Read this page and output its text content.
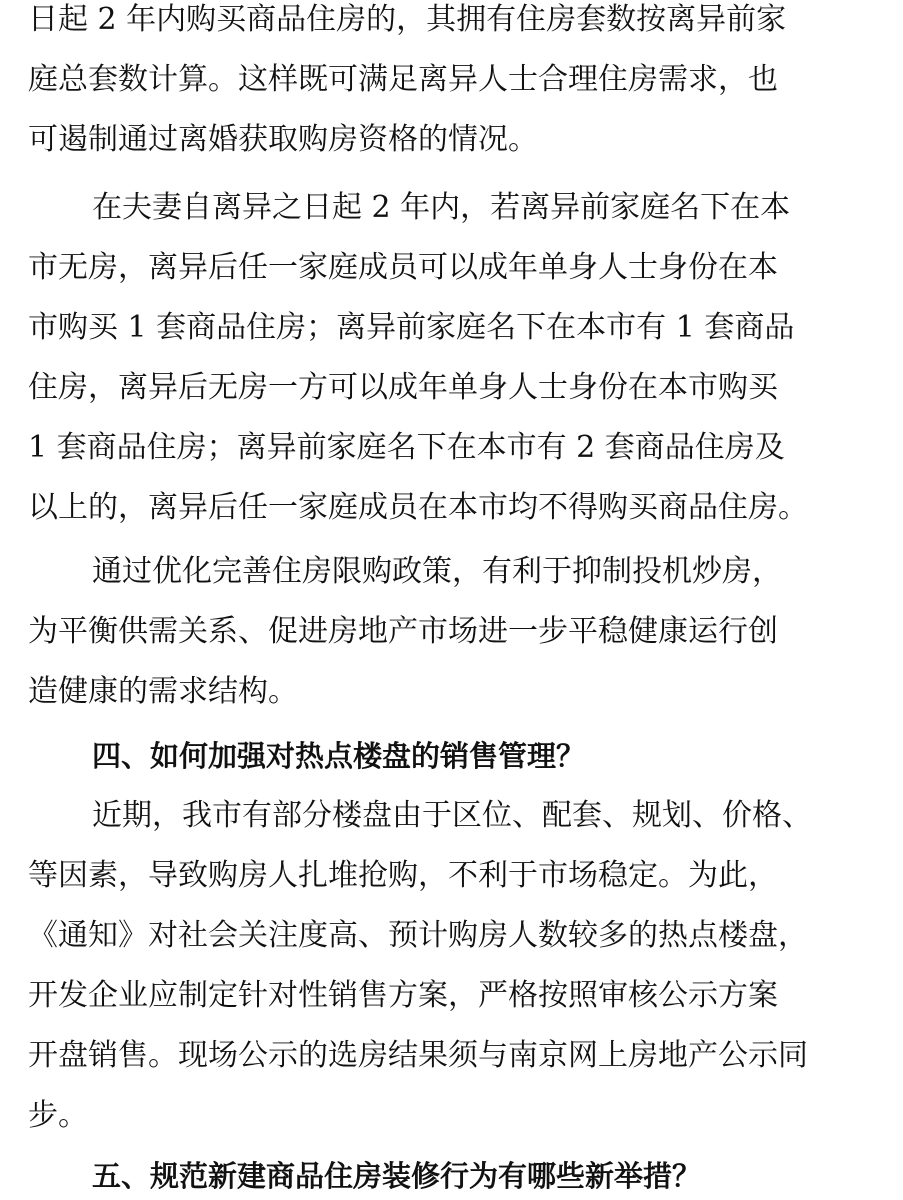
日起 2 年内购买商品住房的，其拥有住房套数按离异前家
庭总套数计算。这样既可满足离异人士合理住房需求，也
可遏制通过离婚获取购房资格的情况。
在夫妻自离异之日起 2 年内，若离异前家庭名下在本
市无房，离异后任一家庭成员可以成年单身人士身份在本
市购买 1 套商品住房；离异前家庭名下在本市有 1 套商品
住房，离异后无房一方可以成年单身人士身份在本市购买
1 套商品住房；离异前家庭名下在本市有 2 套商品住房及
以上的，离异后任一家庭成员在本市均不得购买商品住房。
通过优化完善住房限购政策，有利于抑制投机炒房，
为平衡供需关系、促进房地产市场进一步平稳健康运行创
造健康的需求结构。
四、如何加强对热点楼盘的销售管理？
近期，我市有部分楼盘由于区位、配套、规划、价格、
等因素，导致购房人扎堆抢购，不利于市场稳定。为此，
《通知》对社会关注度高、预计购房人数较多的热点楼盘，
开发企业应制定针对性销售方案，严格按照审核公示方案
开盘销售。现场公示的选房结果须与南京网上房地产公示同
步。
五、规范新建商品住房装修行为有哪些新举措？
